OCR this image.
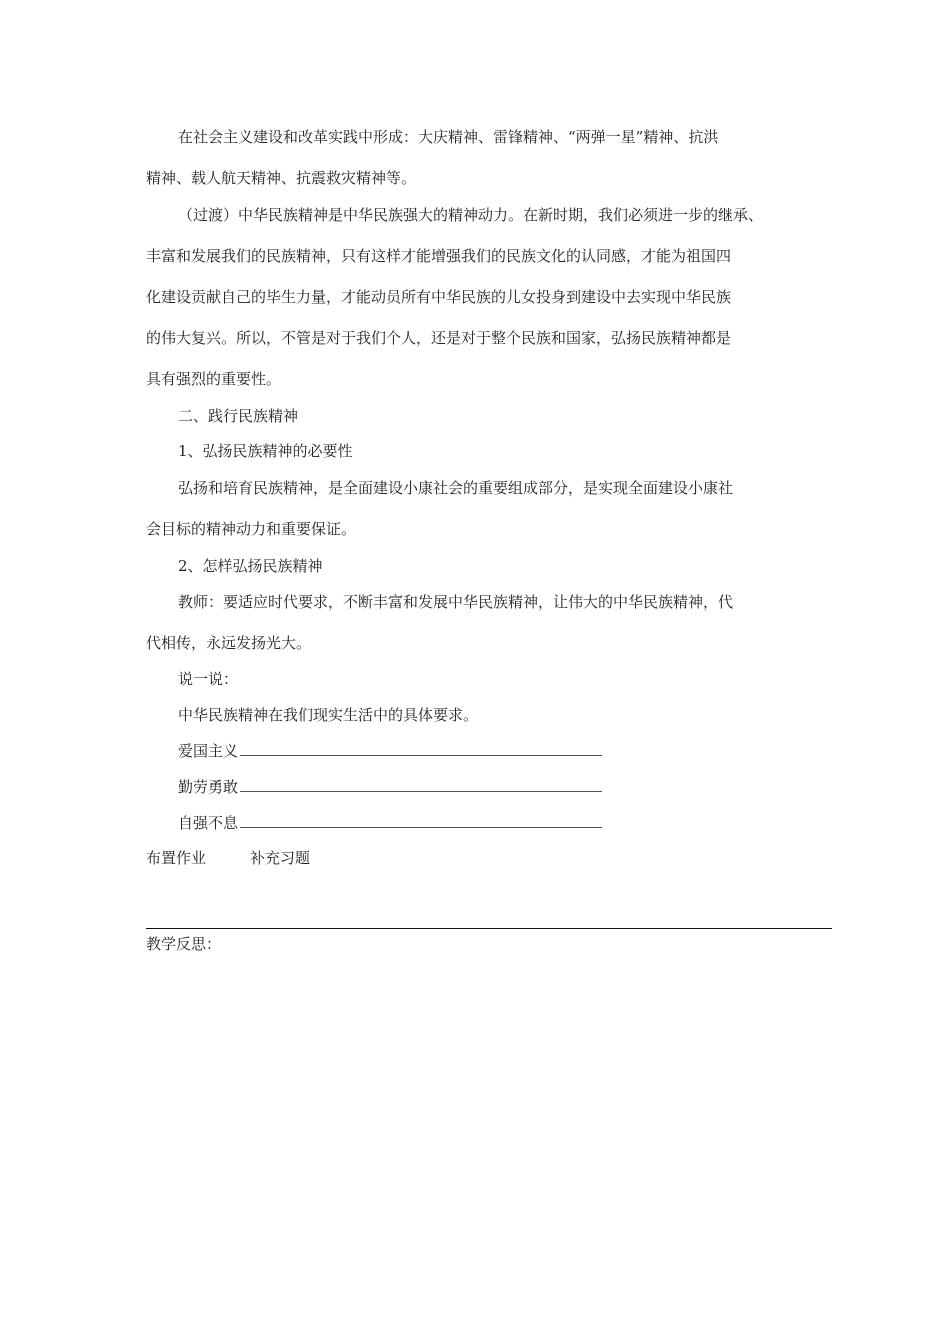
在社会主义建设和改革实践中形成：大庆精神、雷锋精神、“两弹一星”精神、抗洪
精神、载人航天精神、抗震救灾精神等。
（过渡）中华民族精神是中华民族强大的精神动力。在新时期，我们必须进一步的继承、
丰富和发展我们的民族精神，只有这样才能增强我们的民族文化的认同感，才能为祖国四
化建设贡献自己的毕生力量，才能动员所有中华民族的儿女投身到建设中去实现中华民族
的伟大复兴。所以，不管是对于我们个人，还是对于整个民族和国家，弘扬民族精神都是
具有强烈的重要性。
二、践行民族精神
1、弘扬民族精神的必要性
弘扬和培育民族精神，是全面建设小康社会的重要组成部分，是实现全面建设小康社
会目标的精神动力和重要保证。
2、怎样弘扬民族精神
教师：要适应时代要求，不断丰富和发展中华民族精神，让伟大的中华民族精神，代
代相传，永远发扬光大。
说一说：
中华民族精神在我们现实生活中的具体要求。
爱国主义
勤劳勇敢
自强不息
布置作业	补充习题
教学反思：
